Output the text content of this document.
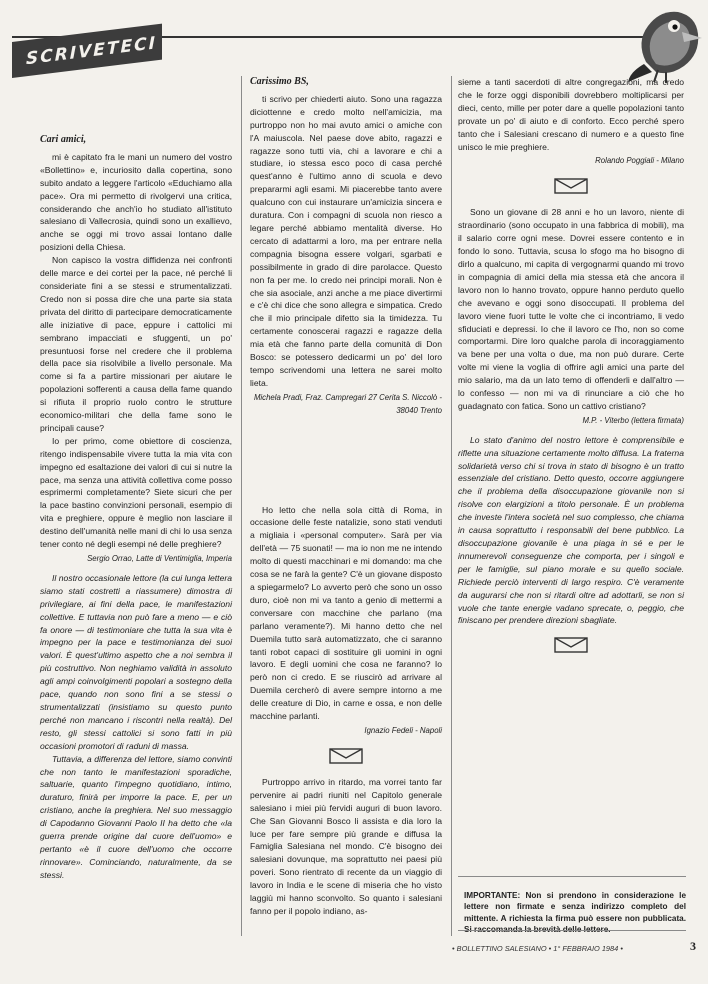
SCRIVETECI

Cari amici,

mi è capitato fra le mani un numero del vostro «Bollettino» e, incuriosito dalla copertina, sono subito andato a leggere l'articolo «Educhiamo alla pace». Ora mi permetto di rivolgervi una critica, considerando che anch'io ho studiato all'istituto salesiano di Vallecrosia, quindi sono un exallievo, anche se oggi mi trovo assai lontano dalle posizioni della Chiesa.

Non capisco la vostra diffidenza nei confronti delle marce e dei cortei per la pace, né perché li consideriate fini a se stessi e strumentalizzati. Credo non si possa dire che una parte sia stata privata del diritto di partecipare democraticamente alle iniziative di pace, eppure i cattolici mi sembrano impacciati e sfuggenti, un po' presuntuosi forse nel credere che il problema della pace sia risolvibile a livello personale. Ma come si fa a partire missionari per aiutare le popolazioni sofferenti a causa della fame quando si rifiuta il proprio ruolo contro le strutture economico-militari che della fame sono le principali cause?

Io per primo, come obiettore di coscienza, ritengo indispensabile vivere tutta la mia vita con impegno ed esaltazione dei valori di cui si nutre la pace, ma senza una attività collettiva come posso esprimermi completamente? Siete sicuri che per la pace bastino convinzioni personali, esempio di vita e preghiere, oppure è meglio non lasciare il destino dell'umanità nelle mani di chi lo usa senza tener conto né degli esempi né delle preghiere?

Sergio Orrao, Latte di Ventimiglia, Imperia

Il nostro occasionale lettore (la cui lunga lettera siamo stati costretti a riassumere) dimostra di privilegiare, ai fini della pace, le manifestazioni collettive. E tuttavia non può fare a meno — e ciò fa onore — di testimoniare che tutta la sua vita è impegno per la pace e testimonianza dei suoi valori. È quest'ultimo aspetto che a noi sembra il più costruttivo. Non neghiamo validità in assoluto agli ampi coinvolgimenti popolari a sostegno della pace, quando non sono fini a se stessi o strumentalizzati (insistiamo su questo punto perché non mancano i riscontri nella realtà). Del resto, gli stessi cattolici si sono fatti in più occasioni promotori di raduni di massa.

Tuttavia, a differenza del lettore, siamo convinti che non tanto le manifestazioni sporadiche, saltuarie, quanto l'impegno quotidiano, intimo, duraturo, finirà per imporre la pace. E, per un cristiano, anche la preghiera. Nel suo messaggio di Capodanno Giovanni Paolo II ha detto che «la guerra prende origine dal cuore dell'uomo» e pertanto «è il cuore dell'uomo che occorre rinnovare». Cominciando, naturalmente, da se stessi.

Carissimo BS,

ti scrivo per chiederti aiuto. Sono una ragazza diciottenne e credo molto nell'amicizia, ma purtroppo non ho mai avuto amici o amiche con l'A maiuscola. Nel paese dove abito, ragazzi e ragazze sono tutti via, chi a lavorare e chi a studiare, io stessa esco poco di casa perché quest'anno è l'ultimo anno di scuola e devo prepararmi agli esami. Mi piacerebbe tanto avere qualcuno con cui instaurare un'amicizia sincera e duratura. Con i compagni di scuola non riesco a legare perché abbiamo mentalità diverse. Ho cercato di adattarmi a loro, ma per entrare nella compagnia bisogna essere volgari, sgarbati e possibilmente in grado di dire parolacce. Questo non fa per me. Io credo nei principi morali. Non è che sia asociale, anzi anche a me piace divertirmi e c'è chi dice che sono allegra e simpatica. Credo che il mio principale difetto sia la timidezza. Tu certamente conoscerai ragazzi e ragazze della mia età che fanno parte della comunità di Don Bosco: se potessero dedicarmi un po' del loro tempo scrivendomi una lettera ne sarei molto lieta.

Michela Pradi, Fraz. Campregari 27 Cerita S. Niccolò - 38040 Trento

Ho letto che nella sola città di Roma, in occasione delle feste natalizie, sono stati venduti a migliaia i «personal computer». Sarà per via dell'età — 75 suonati! — ma io non me ne intendo molto di questi macchinari e mi domando: ma che cosa se ne farà la gente? C'è un giovane disposto a spiegarmelo? Lo avverto però che sono un osso duro, cioè non mi va tanto a genio di mettermi a conversare con macchine che parlano (ma parlano veramente?). Mi hanno detto che nel Duemila tutto sarà automatizzato, che ci saranno tanti robot capaci di sostituire gli uomini in ogni lavoro. E degli uomini che cosa ne faranno? Io però non ci credo. E se riuscirò ad arrivare al Duemila cercherò di avere sempre intorno a me delle creature di Dio, in carne e ossa, e non delle macchine parlanti.

Ignazio Fedeli - Napoli

Purtroppo arrivo in ritardo, ma vorrei tanto far pervenire ai padri riuniti nel Capitolo generale salesiano i miei più fervidi auguri di buon lavoro. Che San Giovanni Bosco li assista e dia loro la luce per fare sempre più grande e diffusa la Famiglia Salesiana nel mondo. C'è bisogno dei salesiani dovunque, ma soprattutto nei paesi più poveri. Sono rientrato di recente da un viaggio di lavoro in India e le scene di miseria che ho visto laggiù mi hanno sconvolto. So quanto i salesiani fanno per il popolo indiano, as-

sieme a tanti sacerdoti di altre congregazioni, ma credo che le forze oggi disponibili dovrebbero moltiplicarsi per dieci, cento, mille per poter dare a quelle popolazioni tanto provate un po' di aiuto e di conforto. Ecco perché spero tanto che i Salesiani crescano di numero e a questo fine unisco le mie preghiere.

Rolando Poggiali - Milano

Sono un giovane di 28 anni e ho un lavoro, niente di straordinario (sono occupato in una fabbrica di mobili), ma il salario corre ogni mese. Dovrei essere contento e in fondo lo sono. Tuttavia, scusa lo sfogo ma ho bisogno di dirlo a qualcuno, mi capita di vergognarmi quando mi trovo in compagnia di amici della mia stessa età che ancora il lavoro non lo hanno trovato, oppure hanno perduto quello che avevano e oggi sono disoccupati. Il problema del lavoro viene fuori tutte le volte che ci incontriamo, li vedo sfiduciati e depressi. Io che il lavoro ce l'ho, non so come comportarmi. Dire loro qualche parola di incoraggiamento va bene per una volta o due, ma non può durare. Certe volte mi viene la voglia di offrire agli amici una parte del mio salario, ma da un lato temo di offenderli e dall'altro — lo confesso — non mi va di rinunciare a ciò che ho guadagnato con fatica. Sono un cattivo cristiano?

M.P. - Viterbo (lettera firmata)

Lo stato d'animo del nostro lettore è comprensibile e riflette una situazione certamente molto diffusa. La fraterna solidarietà verso chi si trova in stato di bisogno è un tratto essenziale del cristiano. Detto questo, occorre aggiungere che il problema della disoccupazione giovanile non si risolve con elargizioni a titolo personale. È un problema che investe l'intera società nel suo complesso, che chiama in causa soprattutto i responsabili del bene pubblico. La disoccupazione giovanile è una piaga in sé e per le innumerevoli conseguenze che comporta, per i singoli e per le famiglie, sul piano morale e su quello sociale. Richiede perciò interventi di largo respiro. C'è veramente da augurarsi che non si ritardi oltre ad adottarli, se non si vuole che tante energie vadano sprecate, o, peggio, che finiscano per prendere direzioni sbagliate.

IMPORTANTE: Non si prendono in considerazione le lettere non firmate e senza indirizzo completo del mittente. A richiesta la firma può essere non pubblicata.

• BOLLETTINO SALESIANO • 1° FEBBRAIO 1984 •	3
